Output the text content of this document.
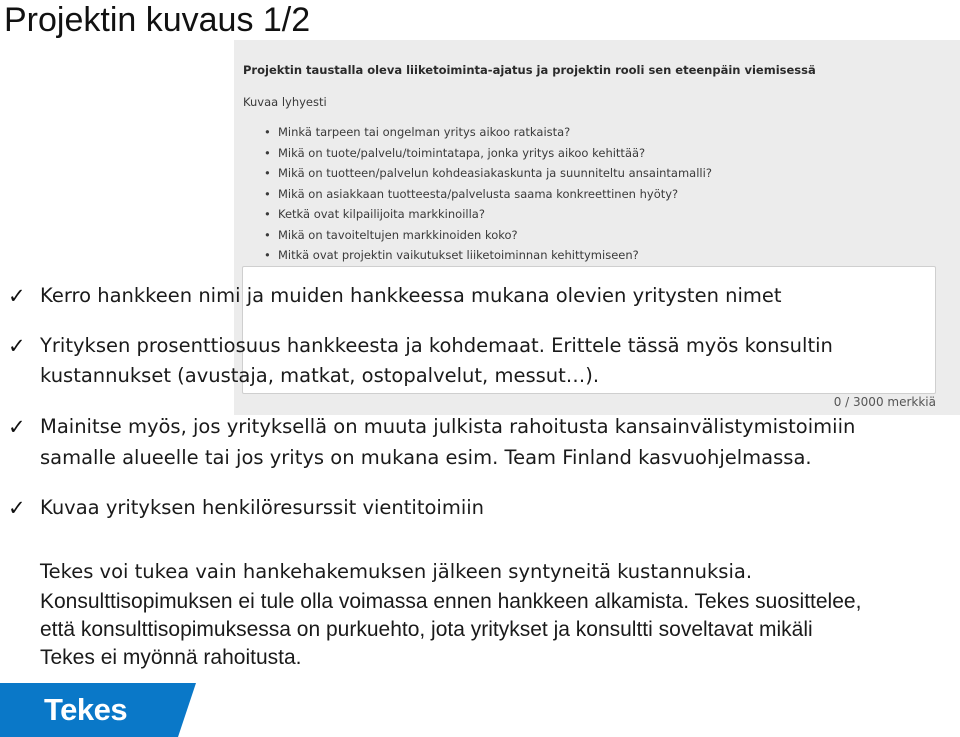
Projektin kuvaus 1/2
Projektin taustalla oleva liiketoiminta-ajatus ja projektin rooli sen eteenpäin viemisessä
Kuvaa lyhyesti
• Minkä tarpeen tai ongelman yritys aikoo ratkaista?
• Mikä on tuote/palvelu/toimintatapa, jonka yritys aikoo kehittää?
• Mikä on tuotteen/palvelun kohdeasiakaskunta ja suunniteltu ansaintamalli?
• Mikä on asiakkaan tuotteesta/palvelusta saama konkreettinen hyöty?
• Ketkä ovat kilpailijoita markkinoilla?
• Mikä on tavoiteltujen markkinoiden koko?
• Mitkä ovat projektin vaikutukset liiketoiminnan kehittymiseen?
0 / 3000 merkkiä
✓ Kerro hankkeen nimi ja muiden hankkeessa mukana olevien yritysten nimet
✓ Yrityksen prosenttiosuus hankkeesta ja kohdemaat. Erittele tässä myös konsultin
kustannukset (avustaja, matkat, ostopalvelut, messut…).
✓ Mainitse myös, jos yrityksellä on muuta julkista rahoitusta kansainvälistymistoimiin
samalle alueelle tai jos yritys on mukana esim. Team Finland kasvuohjelmassa.
✓ Kuvaa yrityksen henkilöresurssit vientitoimiin
Tekes voi tukea vain hankehakemuksen jälkeen syntyneitä kustannuksia.
Konsulttisopimuksen ei tule olla voimassa ennen hankkeen alkamista. Tekes suosittelee,
että konsulttisopimuksessa on purkuehto, jota yritykset ja konsultti soveltavat mikäli
Tekes ei myönnä rahoitusta.
Tekes
